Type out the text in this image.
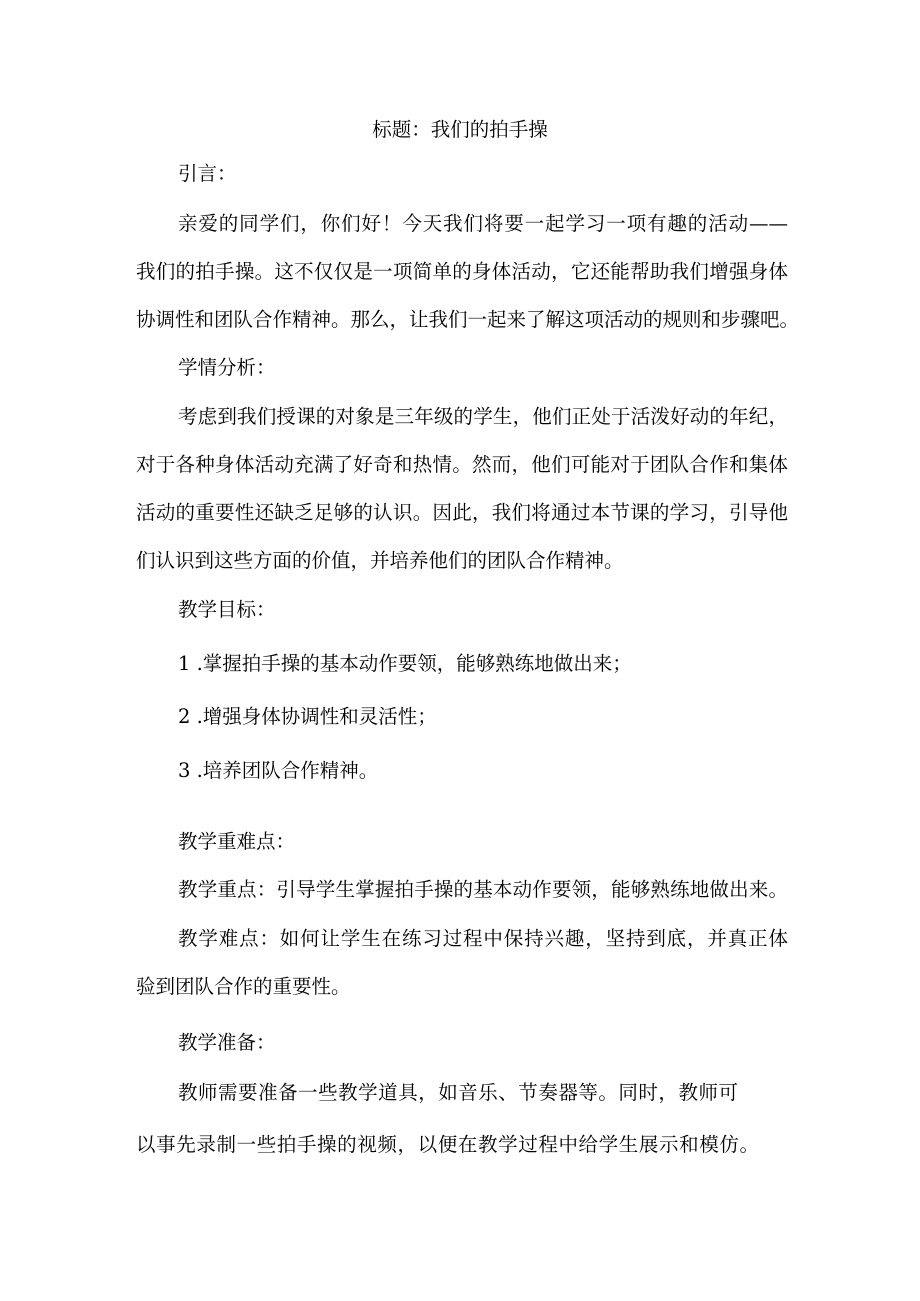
标题：我们的拍手操
引言：
亲爱的同学们，你们好！今天我们将要一起学习一项有趣的活动——
我们的拍手操。这不仅仅是一项简单的身体活动，它还能帮助我们增强身体
协调性和团队合作精神。那么，让我们一起来了解这项活动的规则和步骤吧。
学情分析：
考虑到我们授课的对象是三年级的学生，他们正处于活泼好动的年纪，
对于各种身体活动充满了好奇和热情。然而，他们可能对于团队合作和集体
活动的重要性还缺乏足够的认识。因此，我们将通过本节课的学习，引导他
们认识到这些方面的价值，并培养他们的团队合作精神。
教学目标：
1 .掌握拍手操的基本动作要领，能够熟练地做出来；
2 .增强身体协调性和灵活性；
3 .培养团队合作精神。
教学重难点：
教学重点：引导学生掌握拍手操的基本动作要领，能够熟练地做出来。
教学难点：如何让学生在练习过程中保持兴趣，坚持到底，并真正体
验到团队合作的重要性。
教学准备：
教师需要准备一些教学道具，如音乐、节奏器等。同时，教师可
以事先录制一些拍手操的视频，以便在教学过程中给学生展示和模仿。
